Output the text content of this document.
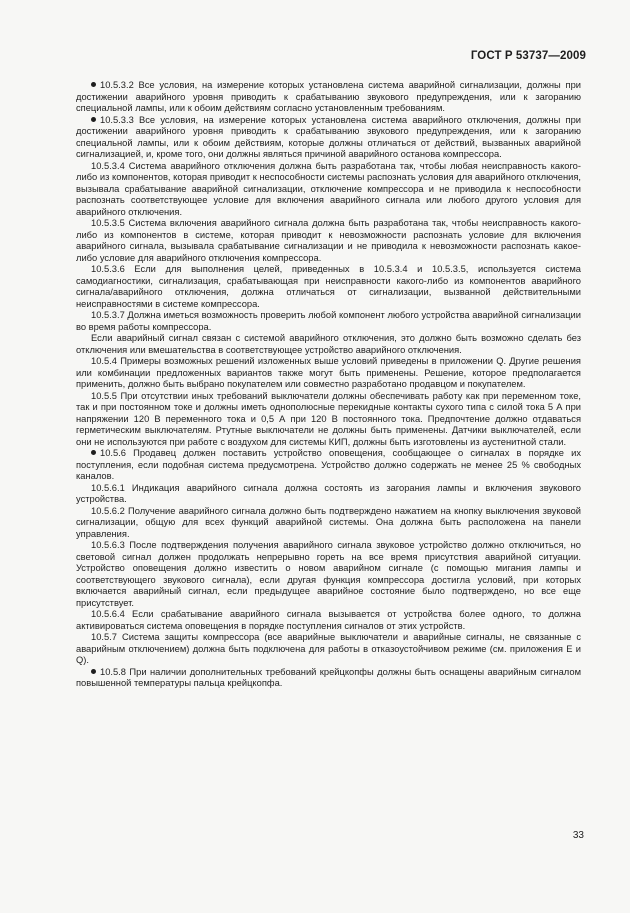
ГОСТ Р 53737—2009

10.5.3.2 Все условия, на измерение которых установлена система аварийной сигнализации, должны при достижении аварийного уровня приводить к срабатыванию звукового предупреждения, или к загоранию специальной лампы, или к обоим действиям согласно установленным требованиям.

10.5.3.3 Все условия, на измерение которых установлена система аварийного отключения, должны при достижении аварийного уровня приводить к срабатыванию звукового предупреждения, или к загоранию специальной лампы, или к обоим действиям, которые должны отличаться от действий, вызванных аварийной сигнализацией, и, кроме того, они должны являться причиной аварийного останова компрессора.

10.5.3.4 Система аварийного отключения должна быть разработана так, чтобы любая неисправность какого-либо из компонентов, которая приводит к неспособности системы распознать условия для аварийного отключения, вызывала срабатывание аварийной сигнализации, отключение компрессора и не приводила к неспособности распознать соответствующее условие для включения аварийного сигнала или любого другого условия для аварийного отключения.

10.5.3.5 Система включения аварийного сигнала должна быть разработана так, чтобы неисправность какого-либо из компонентов в системе, которая приводит к невозможности распознать условие для включения аварийного сигнала, вызывала срабатывание сигнализации и не приводила к невозможности распознать какое-либо условие для аварийного отключения компрессора.

10.5.3.6 Если для выполнения целей, приведенных в 10.5.3.4 и 10.5.3.5, используется система самодиагностики, сигнализация, срабатывающая при неисправности какого-либо из компонентов аварийного сигнала/аварийного отключения, должна отличаться от сигнализации, вызванной действительными неисправностями в системе компрессора.

10.5.3.7 Должна иметься возможность проверить любой компонент любого устройства аварийной сигнализации во время работы компрессора.

Если аварийный сигнал связан с системой аварийного отключения, это должно быть возможно сделать без отключения или вмешательства в соответствующее устройство аварийного отключения.

10.5.4 Примеры возможных решений изложенных выше условий приведены в приложении Q. Другие решения или комбинации предложенных вариантов также могут быть применены. Решение, которое предполагается применить, должно быть выбрано покупателем или совместно разработано продавцом и покупателем.

10.5.5 При отсутствии иных требований выключатели должны обеспечивать работу как при переменном токе, так и при постоянном токе и должны иметь однополюсные перекидные контакты сухого типа с силой тока 5 А при напряжении 120 В переменного тока и 0,5 А при 120 В постоянного тока. Предпочтение должно отдаваться герметическим выключателям. Ртутные выключатели не должны быть применены. Датчики выключателей, если они не используются при работе с воздухом для системы КИП, должны быть изготовлены из аустенитной стали.

10.5.6 Продавец должен поставить устройство оповещения, сообщающее о сигналах в порядке их поступления, если подобная система предусмотрена. Устройство должно содержать не менее 25 % свободных каналов.

10.5.6.1 Индикация аварийного сигнала должна состоять из загорания лампы и включения звукового устройства.

10.5.6.2 Получение аварийного сигнала должно быть подтверждено нажатием на кнопку выключения звуковой сигнализации, общую для всех функций аварийной системы. Она должна быть расположена на панели управления.

10.5.6.3 После подтверждения получения аварийного сигнала звуковое устройство должно отключиться, но световой сигнал должен продолжать непрерывно гореть на все время присутствия аварийной ситуации. Устройство оповещения должно известить о новом аварийном сигнале (с помощью мигания лампы и соответствующего звукового сигнала), если другая функция компрессора достигла условий, при которых включается аварийный сигнал, если предыдущее аварийное состояние было подтверждено, но все еще присутствует.

10.5.6.4 Если срабатывание аварийного сигнала вызывается от устройства более одного, то должна активироваться система оповещения в порядке поступления сигналов от этих устройств.

10.5.7 Система защиты компрессора (все аварийные выключатели и аварийные сигналы, не связанные с аварийным отключением) должна быть подключена для работы в отказоустойчивом режиме (см. приложения E и Q).

10.5.8 При наличии дополнительных требований крейцкопфы должны быть оснащены аварийным сигналом повышенной температуры пальца крейцкопфа.

33
